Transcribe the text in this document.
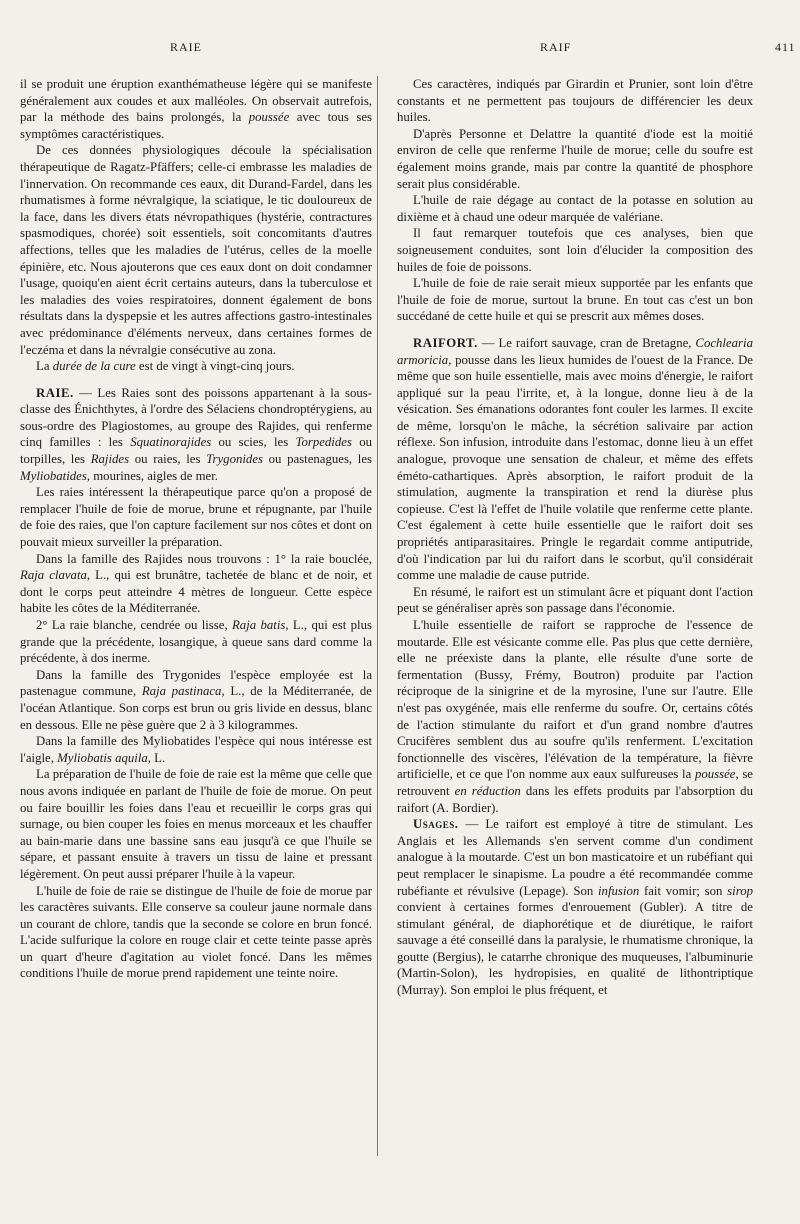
RAIE	RAIF	411

il se produit une éruption exanthématheuse légère qui se manifeste généralement aux coudes et aux malléoles. On observait autrefois, par la méthode des bains prolongés, la poussée avec tous ses symptômes caractéristiques.

De ces données physiologiques découle la spécialisation thérapeutique de Ragatz-Pfäffers; celle-ci embrasse les maladies de l'innervation. On recommande ces eaux, dit Durand-Fardel, dans les rhumatismes à forme névralgique, la sciatique, le tic douloureux de la face, dans les divers états névropathiques (hystérie, contractures spasmodiques, chorée) soit essentiels, soit concomitants d'autres affections, telles que les maladies de l'utérus, celles de la moelle épinière, etc. Nous ajouterons que ces eaux dont on doit condamner l'usage, quoiqu'en aient écrit certains auteurs, dans la tuberculose et les maladies des voies respiratoires, donnent également de bons résultats dans la dyspepsie et les autres affections gastro-intestinales avec prédominance d'éléments nerveux, dans certaines formes de l'eczéma et dans la névralgie consécutive au zona.

La durée de la cure est de vingt à vingt-cinq jours.

RAIE. — Les Raies sont des poissons appartenant à la sous-classe des Énichthytes, à l'ordre des Sélaciens chondroptérygiens, au sous-ordre des Plagiostomes, au groupe des Rajides, qui renferme cinq familles : les Squatinorajides ou scies, les Torpedides ou torpilles, les Rajides ou raies, les Trygonides ou pastenagues, les Myliobatides, mourines, aigles de mer.

Les raies intéressent la thérapeutique parce qu'on a proposé de remplacer l'huile de foie de morue, brune et répugnante, par l'huile de foie des raies, que l'on capture facilement sur nos côtes et dont on pouvait mieux surveiller la préparation.

Dans la famille des Rajides nous trouvons : 1° la raie bouclée, Raja clavata, L., qui est brunâtre, tachetée de blanc et de noir, et dont le corps peut atteindre 4 mètres de longueur. Cette espèce habite les côtes de la Méditerranée.

2° La raie blanche, cendrée ou lisse, Raja batis, L., qui est plus grande que la précédente, losangique, à queue sans dard comme la précédente, à dos inerme.

Dans la famille des Trygonides l'espèce employée est la pastenague commune, Raja pastinaca, L., de la Méditerranée, de l'océan Atlantique. Son corps est brun ou gris livide en dessus, blanc en dessous. Elle ne pèse guère que 2 à 3 kilogrammes.

Dans la famille des Myliobatides l'espèce qui nous intéresse est l'aigle, Myliobatis aquila, L.

La préparation de l'huile de foie de raie est la même que celle que nous avons indiquée en parlant de l'huile de foie de morue. On peut ou faire bouillir les foies dans l'eau et recueillir le corps gras qui surnage, ou bien couper les foies en menus morceaux et les chauffer au bain-marie dans une bassine sans eau jusqu'à ce que l'huile se sépare, et passant ensuite à travers un tissu de laine et pressant légèrement. On peut aussi préparer l'huile à la vapeur.

L'huile de foie de raie se distingue de l'huile de foie de morue par les caractères suivants. Elle conserve sa couleur jaune normale dans un courant de chlore, tandis que la seconde se colore en brun foncé. L'acide sulfurique la colore en rouge clair et cette teinte passe après un quart d'heure d'agitation au violet foncé. Dans les mêmes conditions l'huile de morue prend rapidement une teinte noire.

Ces caractères, indiqués par Girardin et Prunier, sont loin d'être constants et ne permettent pas toujours de différencier les deux huiles.

D'après Personne et Delattre la quantité d'iode est la moitié environ de celle que renferme l'huile de morue; celle du soufre est également moins grande, mais par contre la quantité de phosphore serait plus considérable.

L'huile de raie dégage au contact de la potasse en solution au dixième et à chaud une odeur marquée de valériane.

Il faut remarquer toutefois que ces analyses, bien que soigneusement conduites, sont loin d'élucider la composition des huiles de foie de poissons.

L'huile de foie de raie serait mieux supportée par les enfants que l'huile de foie de morue, surtout la brune. En tout cas c'est un bon succédané de cette huile et qui se prescrit aux mêmes doses.

RAIFORT. — Le raifort sauvage, cran de Bretagne, Cochlearia armoricia, pousse dans les lieux humides de l'ouest de la France. De même que son huile essentielle, mais avec moins d'énergie, le raifort appliqué sur la peau l'irrite, et, à la longue, donne lieu à de la vésication. Ses émanations odorantes font couler les larmes. Il excite de même, lorsqu'on le mâche, la sécrétion salivaire par action réflexe. Son infusion, introduite dans l'estomac, donne lieu à un effet analogue, provoque une sensation de chaleur, et même des effets éméto-cathartiques. Après absorption, le raifort produit de la stimulation, augmente la transpiration et rend la diurèse plus copieuse. C'est là l'effet de l'huile volatile que renferme cette plante. C'est également à cette huile essentielle que le raifort doit ses propriétés antiparasitaires. Pringle le regardait comme antiputride, d'où l'indication par lui du raifort dans le scorbut, qu'il considérait comme une maladie de cause putride.

En résumé, le raifort est un stimulant âcre et piquant dont l'action peut se généraliser après son passage dans l'économie.

L'huile essentielle de raifort se rapproche de l'essence de moutarde. Elle est vésicante comme elle. Pas plus que cette dernière, elle ne préexiste dans la plante, elle résulte d'une sorte de fermentation (Bussy, Frémy, Boutron) produite par l'action réciproque de la sinigrine et de la myrosine, l'une sur l'autre. Elle n'est pas oxygénée, mais elle renferme du soufre. Or, certains côtés de l'action stimulante du raifort et d'un grand nombre d'autres Crucifères semblent dus au soufre qu'ils renferment. L'excitation fonctionnelle des viscères, l'élévation de la température, la fièvre artificielle, et ce que l'on nomme aux eaux sulfureuses la poussée, se retrouvent en réduction dans les effets produits par l'absorption du raifort (A. Bordier).

Usages. — Le raifort est employé à titre de stimulant. Les Anglais et les Allemands s'en servent comme d'un condiment analogue à la moutarde. C'est un bon masticatoire et un rubéfiant qui peut remplacer le sinapisme. La poudre a été recommandée comme rubéfiante et révulsive (Lepage). Son infusion fait vomir; son sirop convient à certaines formes d'enrouement (Gubler). A titre de stimulant général, de diaphorétique et de diurétique, le raifort sauvage a été conseillé dans la paralysie, le rhumatisme chronique, la goutte (Bergius), le catarrhe chronique des muqueuses, l'albuminurie (Martin-Solon), les hydropisies, en qualité de lithontriptique (Murray). Son emploi le plus fréquent, et
